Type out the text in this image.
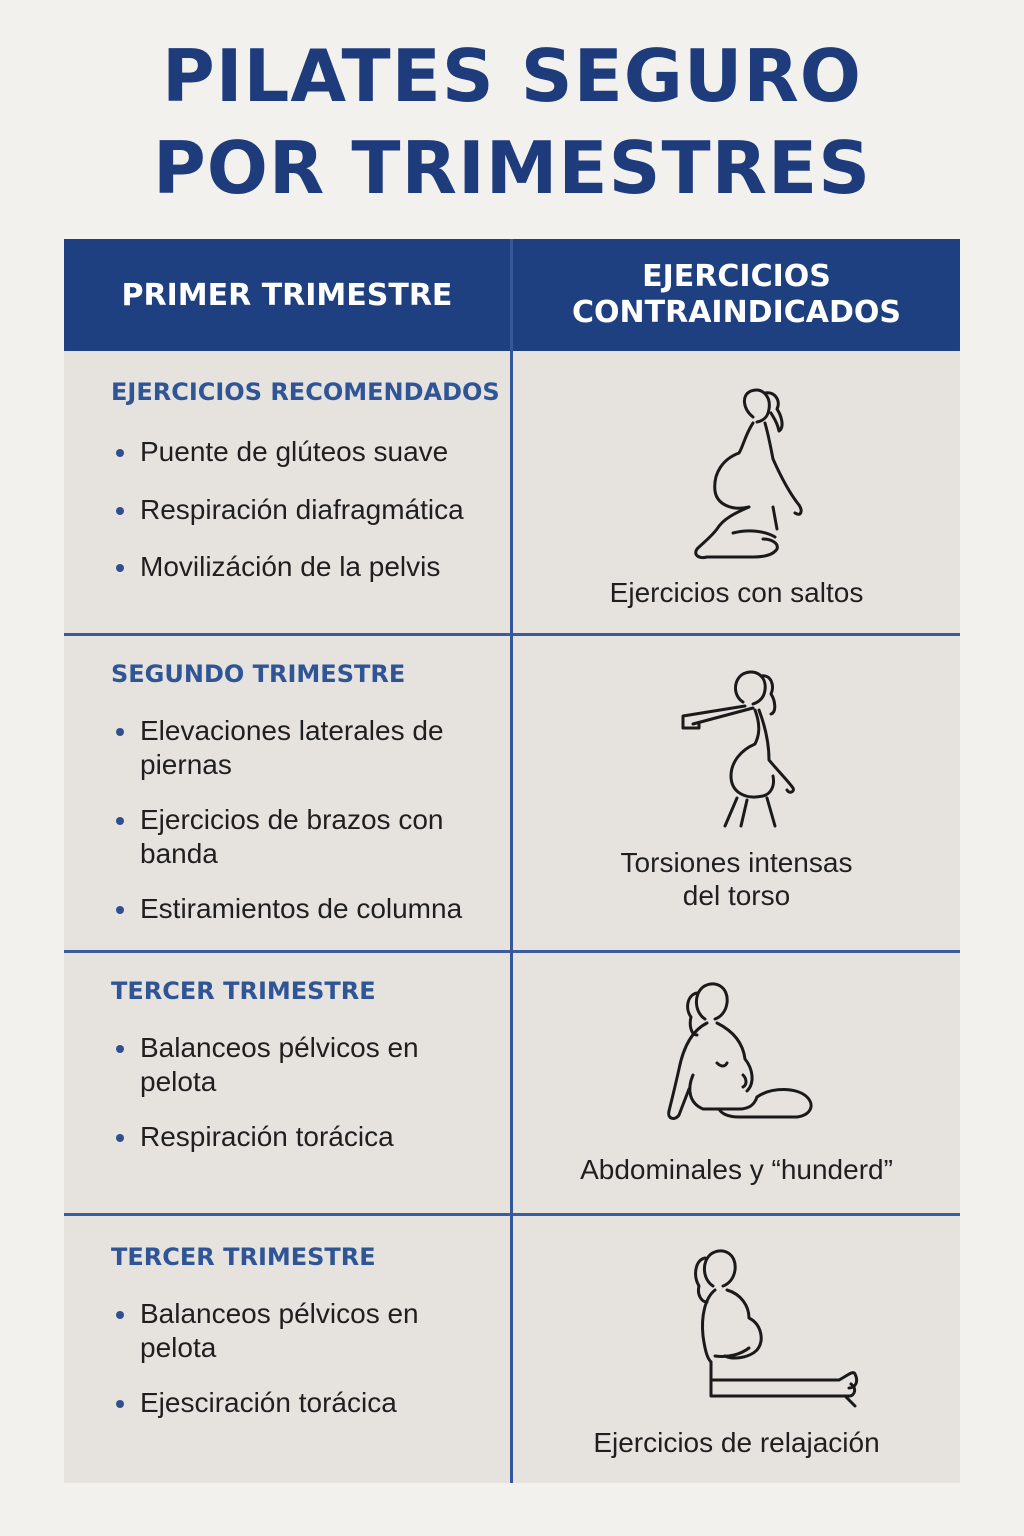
PILATES SEGURO
POR TRIMESTRES
PRIMER TRIMESTRE
EJERCICIOS
CONTRAINDICADOS
EJERCICIOS RECOMENDADOS
Puente de glúteos suave
Respiración diafragmática
Movilizáción de la pelvis
Ejercicios con saltos
SEGUNDO TRIMESTRE
Elevaciones laterales de piernas
Ejercicios de brazos con banda
Estiramientos de columna
Torsiones intensas
del torso
TERCER TRIMESTRE
Balanceos pélvicos en pelota
Respiración torácica
Abdominales y “hunderd”
TERCER TRIMESTRE
Balanceos pélvicos en pelota
Ejesciración torácica
Ejercicios de relajación
